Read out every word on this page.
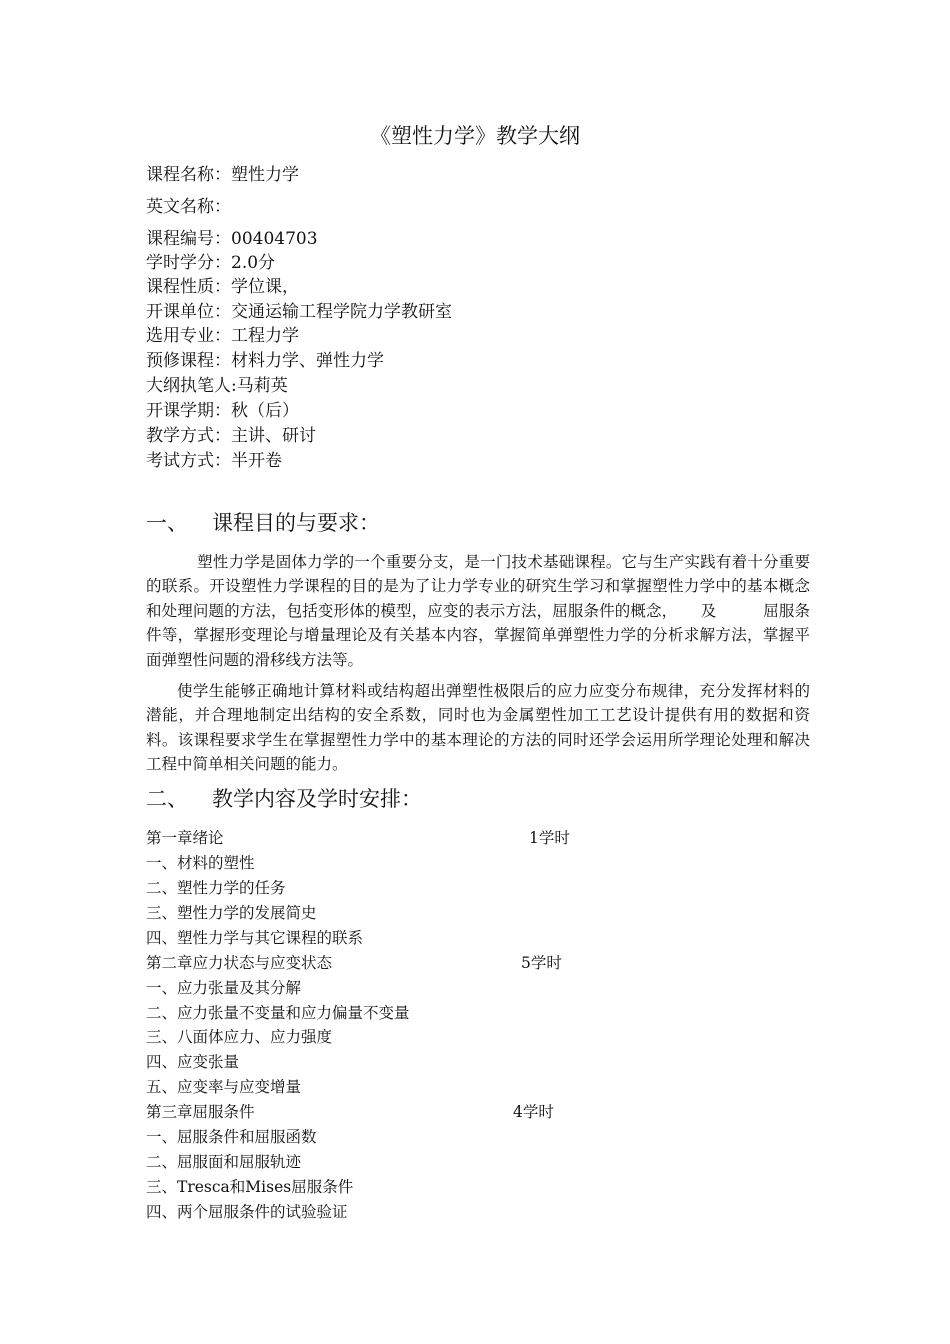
《塑性力学》教学大纲
课程名称：塑性力学
英文名称：
课程编号：00404703
学时学分：2.0分
课程性质：学位课，
开课单位：交通运输工程学院力学教研室
选用专业：工程力学
预修课程：材料力学、弹性力学
大纲执笔人:马莉英
开课学期：秋（后）
教学方式：主讲、研讨
考试方式：半开卷
一、 课程目的与要求：
塑性力学是固体力学的一个重要分支，是一门技术基础课程。它与生产实践有着十分重要的联系。开设塑性力学课程的目的是为了让力学专业的研究生学习和掌握塑性力学中的基本概念和处理问题的方法，包括变形体的模型，应变的表示方法，屈服条件的概念，　　及　　　屈服条件等，掌握形变理论与增量理论及有关基本内容，掌握简单弹塑性力学的分析求解方法，掌握平面弹塑性问题的滑移线方法等。
使学生能够正确地计算材料或结构超出弹塑性极限后的应力应变分布规律，充分发挥材料的潜能，并合理地制定出结构的安全系数，同时也为金属塑性加工工艺设计提供有用的数据和资料。该课程要求学生在掌握塑性力学中的基本理论的方法的同时还学会运用所学理论处理和解决工程中简单相关问题的能力。
二、 教学内容及学时安排：
第一章绪论	1学时
一、材料的塑性
二、塑性力学的任务
三、塑性力学的发展简史
四、塑性力学与其它课程的联系
第二章应力状态与应变状态	5学时
一、应力张量及其分解
二、应力张量不变量和应力偏量不变量
三、八面体应力、应力强度
四、应变张量
五、应变率与应变增量
第三章屈服条件	4学时
一、屈服条件和屈服函数
二、屈服面和屈服轨迹
三、Tresca和Mises屈服条件
四、两个屈服条件的试验验证
